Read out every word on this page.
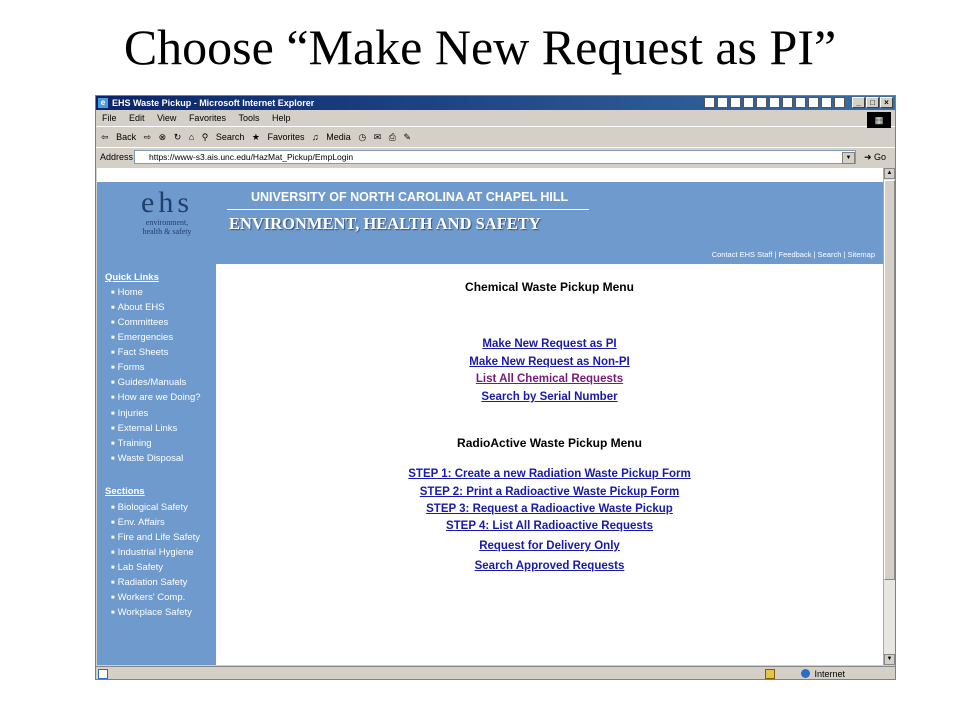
Choose “Make New Request as PI”
e EHS Waste Pickup - Microsoft Internet Explorer	_	□	×
File Edit View Favorites Tools Help	▦
⇦ Back ⇨ ⊗ ↻ ⌂ ⚲ Search ★ Favorites ♫ Media ◷ ✉ ⎙ ✎
Address	https://www-s3.ais.unc.edu/HazMat_Pickup/EmpLogin	▼	➜ Go
ehs
environment,
health & safety
UNIVERSITY OF NORTH CAROLINA AT CHAPEL HILL
ENVIRONMENT, HEALTH AND SAFETY
Contact EHS Staff | Feedback | Search | Sitemap
Quick Links
■ Home
■ About EHS
■ Committees
■ Emergencies
■ Fact Sheets
■ Forms
■ Guides/Manuals
■ How are we Doing?
■ Injuries
■ External Links
■ Training
■ Waste Disposal
Sections
■ Biological Safety
■ Env. Affairs
■ Fire and Life Safety
■ Industrial Hygiene
■ Lab Safety
■ Radiation Safety
■ Workers' Comp.
■ Workplace Safety
Chemical Waste Pickup Menu
Make New Request as PI
Make New Request as Non-PI
List All Chemical Requests
Search by Serial Number
RadioActive Waste Pickup Menu
STEP 1: Create a new Radiation Waste Pickup Form
STEP 2: Print a Radioactive Waste Pickup Form
STEP 3: Request a Radioactive Waste Pickup
STEP 4: List All Radioactive Requests
Request for Delivery Only
Search Approved Requests
▲
▼
Internet
